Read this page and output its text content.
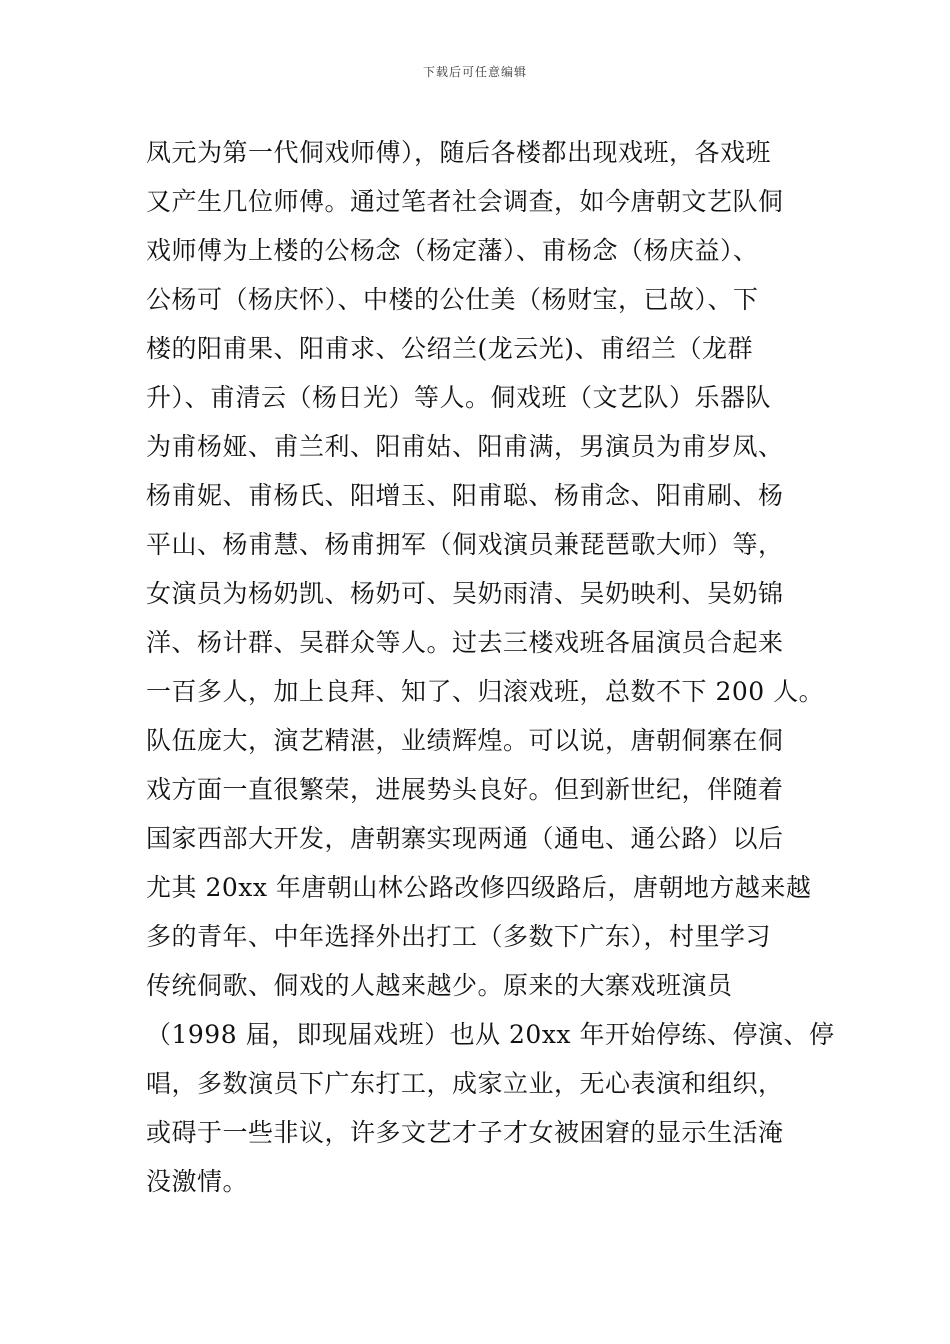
下载后可任意编辑
凤元为第一代侗戏师傅），随后各楼都出现戏班，各戏班
又产生几位师傅。通过笔者社会调查，如今唐朝文艺队侗
戏师傅为上楼的公杨念（杨定藩）、甫杨念（杨庆益）、
公杨可（杨庆怀）、中楼的公仕美（杨财宝，已故）、下
楼的阳甫果、阳甫求、公绍兰(龙云光)、甫绍兰（龙群
升）、甫清云（杨日光）等人。侗戏班（文艺队）乐器队
为甫杨娅、甫兰利、阳甫姑、阳甫满，男演员为甫岁凤、
杨甫妮、甫杨氏、阳增玉、阳甫聪、杨甫念、阳甫刷、杨
平山、杨甫慧、杨甫拥军（侗戏演员兼琵琶歌大师）等，
女演员为杨奶凯、杨奶可、吴奶雨清、吴奶映利、吴奶锦
洋、杨计群、吴群众等人。过去三楼戏班各届演员合起来
一百多人，加上良拜、知了、归滚戏班，总数不下 200 人。
队伍庞大，演艺精湛，业绩辉煌。可以说，唐朝侗寨在侗
戏方面一直很繁荣，进展势头良好。但到新世纪，伴随着
国家西部大开发，唐朝寨实现两通（通电、通公路）以后
尤其 20xx 年唐朝山林公路改修四级路后，唐朝地方越来越
多的青年、中年选择外出打工（多数下广东），村里学习
传统侗歌、侗戏的人越来越少。原来的大寨戏班演员
（1998 届，即现届戏班）也从 20xx 年开始停练、停演、停
唱，多数演员下广东打工，成家立业，无心表演和组织，
或碍于一些非议，许多文艺才子才女被困窘的显示生活淹
没激情。
